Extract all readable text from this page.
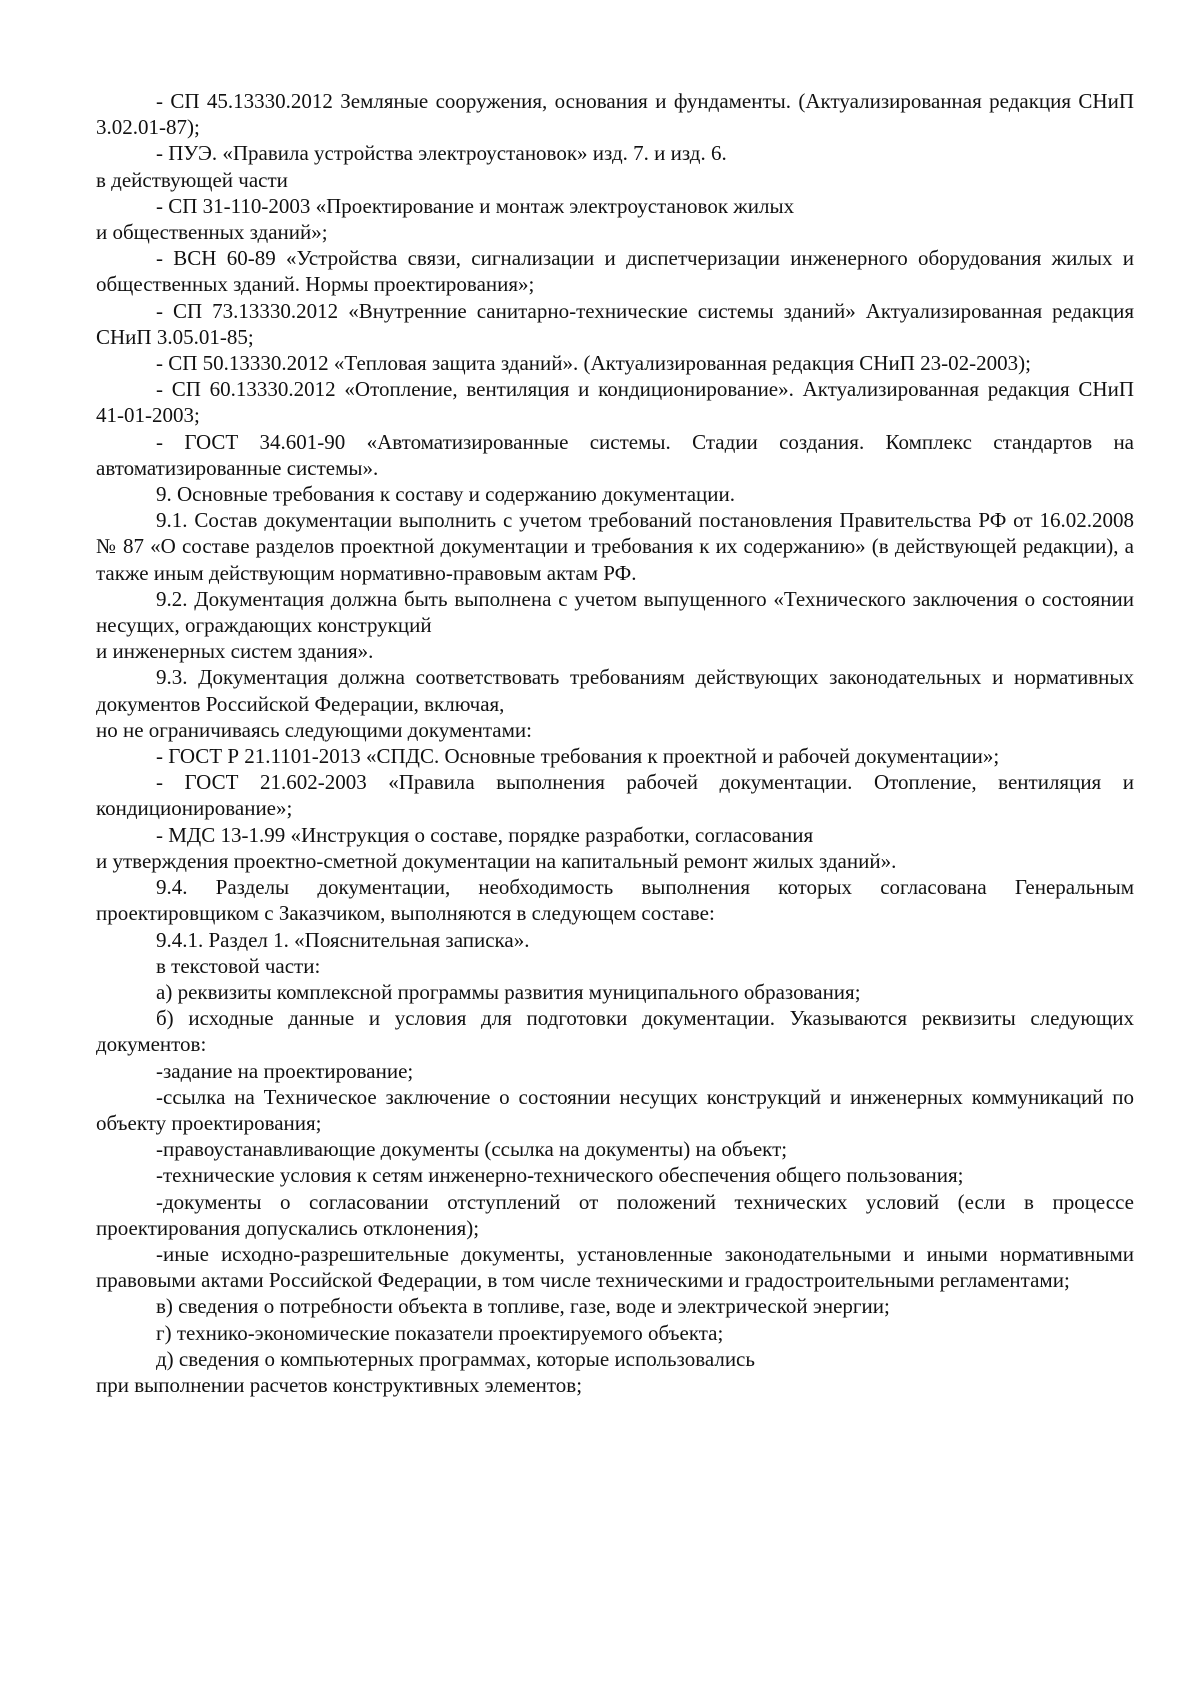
- СП 45.13330.2012 Земляные сооружения, основания и фундаменты. (Актуализированная редакция СНиП 3.02.01-87);

- ПУЭ. «Правила устройства электроустановок» изд. 7. и изд. 6.

в действующей части

- СП 31-110-2003 «Проектирование и монтаж электроустановок жилых

и общественных зданий»;

- ВСН 60-89 «Устройства связи, сигнализации и диспетчеризации инженерного оборудования жилых и общественных зданий. Нормы проектирования»;

- СП 73.13330.2012 «Внутренние санитарно-технические системы зданий» Актуализированная редакция СНиП 3.05.01-85;

- СП 50.13330.2012 «Тепловая защита зданий». (Актуализированная редакция СНиП 23-02-2003);

- СП 60.13330.2012 «Отопление, вентиляция и кондиционирование». Актуализированная редакция СНиП 41-01-2003;

- ГОСТ 34.601-90 «Автоматизированные системы. Стадии создания. Комплекс стандартов на автоматизированные системы».

9. Основные требования к составу и содержанию документации.

9.1. Состав документации выполнить с учетом требований постановления Правительства РФ от 16.02.2008 № 87 «О составе разделов проектной документации и требования к их содержанию» (в действующей редакции), а также иным действующим нормативно-правовым актам РФ.

9.2. Документация должна быть выполнена с учетом выпущенного «Технического заключения о состоянии несущих, ограждающих конструкций

и инженерных систем здания».

9.3. Документация должна соответствовать требованиям действующих законодательных и нормативных документов Российской Федерации, включая,

но не ограничиваясь следующими документами:

- ГОСТ Р 21.1101-2013 «СПДС. Основные требования к проектной и рабочей документации»;

- ГОСТ 21.602-2003 «Правила выполнения рабочей документации. Отопление, вентиляция и кондиционирование»;

- МДС 13-1.99 «Инструкция о составе, порядке разработки, согласования

и утверждения проектно-сметной документации на капитальный ремонт жилых зданий».

9.4. Разделы документации, необходимость выполнения которых согласована Генеральным проектировщиком с Заказчиком, выполняются в следующем составе:

9.4.1. Раздел 1. «Пояснительная записка».

в текстовой части:

а) реквизиты комплексной программы развития муниципального образования;

б) исходные данные и условия для подготовки документации. Указываются реквизиты следующих документов:

-задание на проектирование;

-ссылка на Техническое заключение о состоянии несущих конструкций и инженерных коммуникаций по объекту проектирования;

-правоустанавливающие документы (ссылка на документы) на объект;

-технические условия к сетям инженерно-технического обеспечения общего пользования;

-документы о согласовании отступлений от положений технических условий (если в процессе проектирования допускались отклонения);

-иные исходно-разрешительные документы, установленные законодательными и иными нормативными правовыми актами Российской Федерации, в том числе техническими и градостроительными регламентами;

в) сведения о потребности объекта в топливе, газе, воде и электрической энергии;

г) технико-экономические показатели проектируемого объекта;

д) сведения о компьютерных программах, которые использовались

при выполнении расчетов конструктивных элементов;
